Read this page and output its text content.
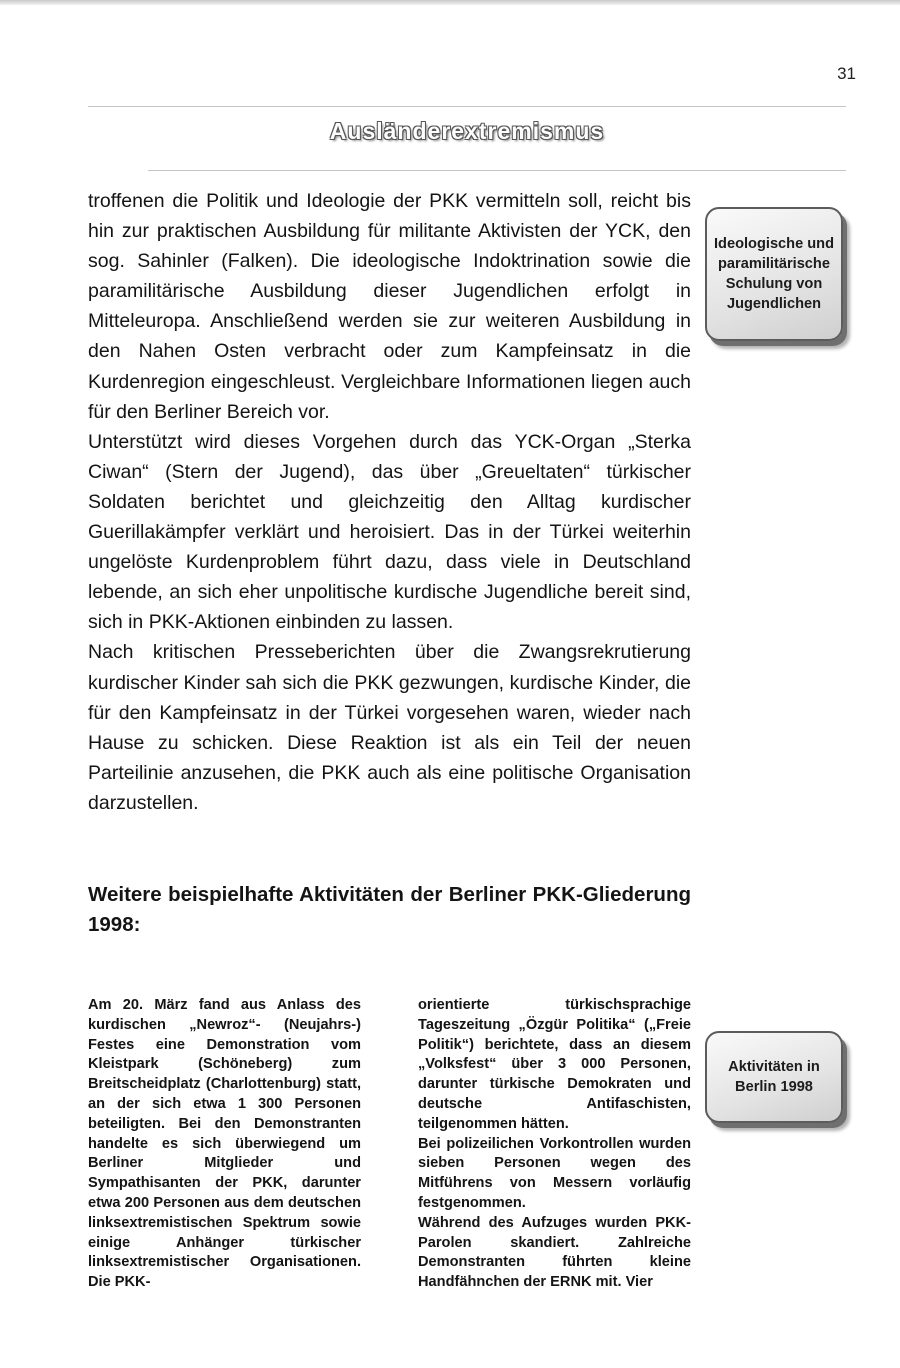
31
Ausländerextremismus

troffenen die Politik und Ideologie der PKK vermitteln soll, reicht bis hin zur praktischen Ausbildung für militante Aktivisten der YCK, den sog. Sahinler (Falken). Die ideologische Indoktrination sowie die paramilitärische Ausbildung dieser Jugendlichen erfolgt in Mitteleuropa. Anschließend werden sie zur weiteren Ausbildung in den Nahen Osten verbracht oder zum Kampfeinsatz in die Kurdenregion eingeschleust. Vergleichbare Informationen liegen auch für den Berliner Bereich vor.

Unterstützt wird dieses Vorgehen durch das YCK-Organ „Sterka Ciwan“ (Stern der Jugend), das über „Greueltaten“ türkischer Soldaten berichtet und gleichzeitig den Alltag kurdischer Guerillakämpfer verklärt und heroisiert. Das in der Türkei weiterhin ungelöste Kurdenproblem führt dazu, dass viele in Deutschland lebende, an sich eher unpolitische kurdische Jugendliche bereit sind, sich in PKK-Aktionen einbinden zu lassen.

Nach kritischen Presseberichten über die Zwangsrekrutierung kurdischer Kinder sah sich die PKK gezwungen, kurdische Kinder, die für den Kampfeinsatz in der Türkei vorgesehen waren, wieder nach Hause zu schicken. Diese Reaktion ist als ein Teil der neuen Parteilinie anzusehen, die PKK auch als eine politische Organisation darzustellen.

Ideologische und paramilitärische Schulung von Jugendlichen
Weitere beispielhafte Aktivitäten der Berliner PKK-Gliederung 1998:

Am 20. März fand aus Anlass des kurdischen „Newroz“- (Neujahrs-) Festes eine Demonstration vom Kleistpark (Schöneberg) zum Breitscheidplatz (Charlottenburg) statt, an der sich etwa 1 300 Personen beteiligten. Bei den Demonstranten handelte es sich überwiegend um Berliner Mitglieder und Sympathisanten der PKK, darunter etwa 200 Personen aus dem deutschen linksextremistischen Spektrum sowie einige Anhänger türkischer linksextremistischer Organisationen. Die PKK-

orientierte türkischsprachige Tageszeitung „Özgür Politika“ („Freie Politik“) berichtete, dass an diesem „Volksfest“ über 3 000 Personen, darunter türkische Demokraten und deutsche Antifaschisten, teilgenommen hätten.

Bei polizeilichen Vorkontrollen wurden sieben Personen wegen des Mitführens von Messern vorläufig festgenommen.

Während des Aufzuges wurden PKK-Parolen skandiert. Zahlreiche Demonstranten führten kleine Handfähnchen der ERNK mit. Vier

Aktivitäten in Berlin 1998
